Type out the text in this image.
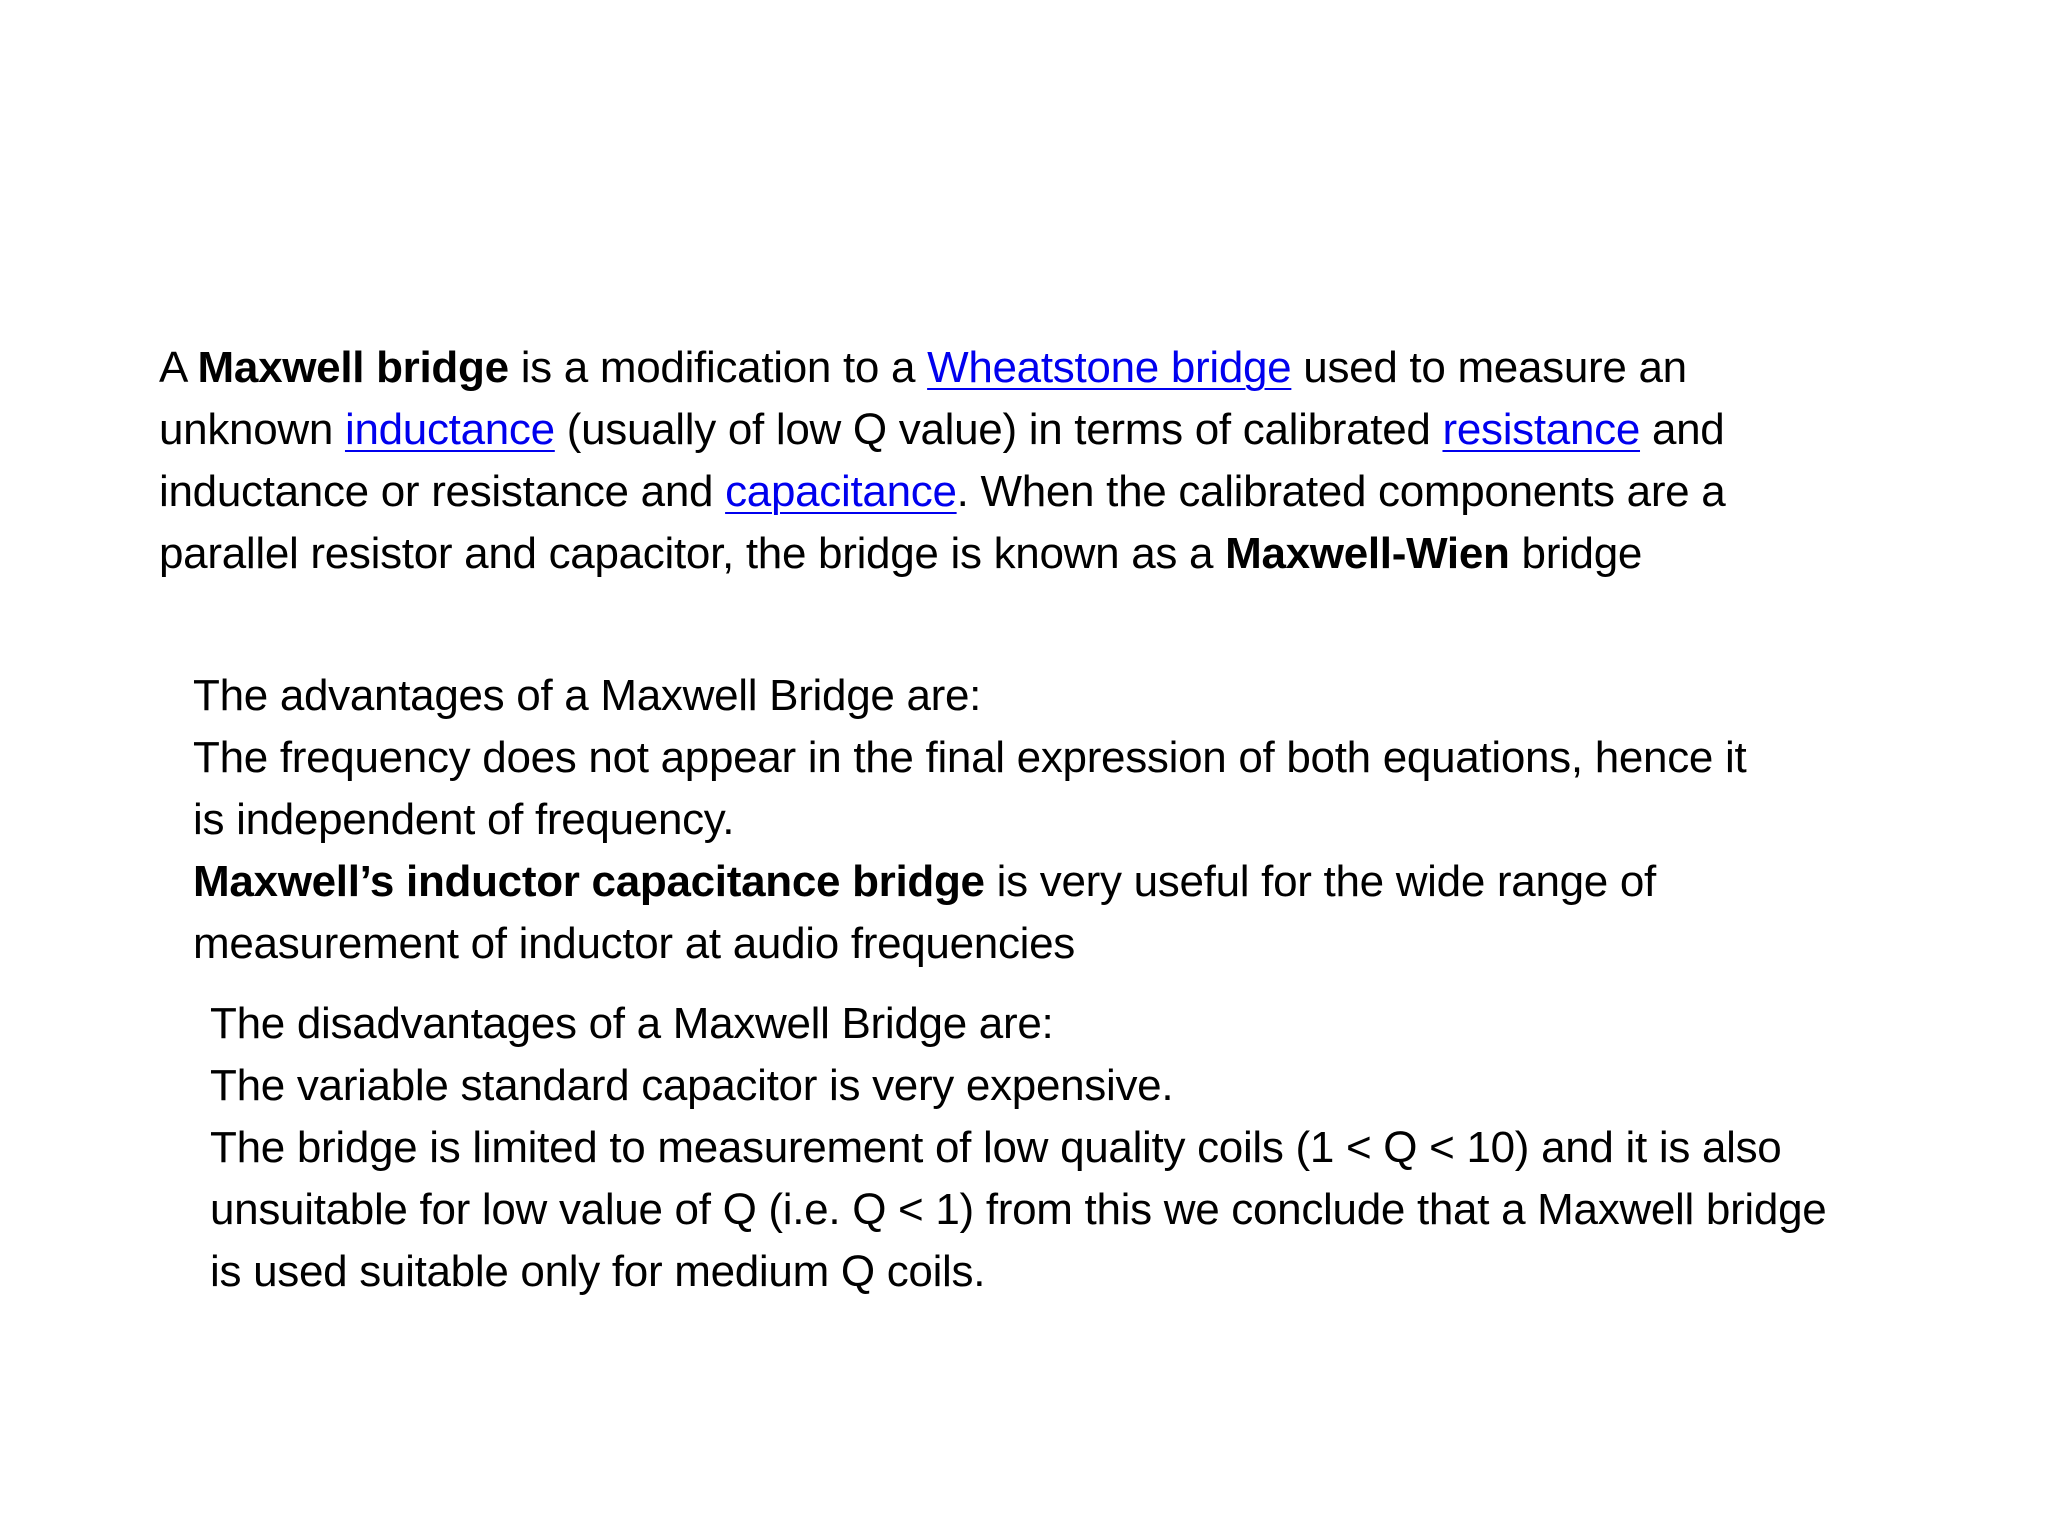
A Maxwell bridge is a modification to a Wheatstone bridge used to measure an
unknown inductance (usually of low Q value) in terms of calibrated resistance and
inductance or resistance and capacitance. When the calibrated components are a
parallel resistor and capacitor, the bridge is known as a Maxwell-Wien bridge
The advantages of a Maxwell Bridge are:
The frequency does not appear in the final expression of both equations, hence it
is independent of frequency.
Maxwell’s inductor capacitance bridge is very useful for the wide range of
measurement of inductor at audio frequencies
The disadvantages of a Maxwell Bridge are:
The variable standard capacitor is very expensive.
The bridge is limited to measurement of low quality coils (1 < Q < 10) and it is also
unsuitable for low value of Q (i.e. Q < 1) from this we conclude that a Maxwell bridge
is used suitable only for medium Q coils.
